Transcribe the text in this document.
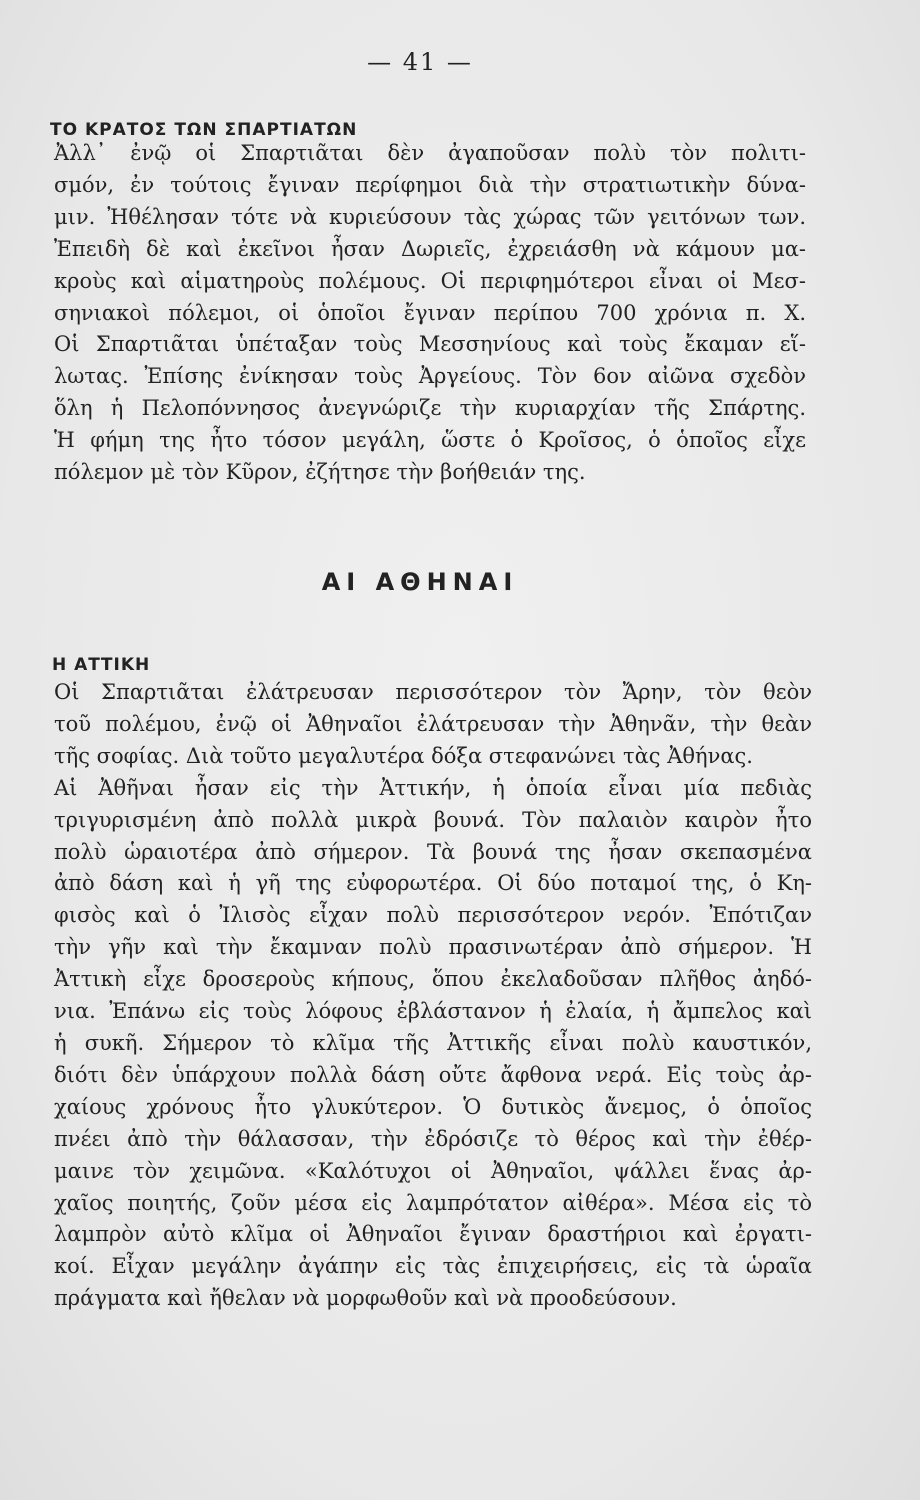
— 41 —
ΤΟ ΚΡΑΤΟΣ ΤΩΝ ΣΠΑΡΤΙΑΤΩΝ
Ἀλλ᾽ ἐνῷ οἱ Σπαρτιᾶται δὲν ἀγαποῦσαν πολὺ τὸν πολιτι-
σμόν, ἐν τούτοις ἔγιναν περίφημοι διὰ τὴν στρατιωτικὴν δύνα-
μιν. Ἠθέλησαν τότε νὰ κυριεύσουν τὰς χώρας τῶν γειτόνων των.
Ἐπειδὴ δὲ καὶ ἐκεῖνοι ἦσαν Δωριεῖς, ἐχρειάσθη νὰ κάμουν μα-
κροὺς καὶ αἱματηροὺς πολέμους. Οἱ περιφημότεροι εἶναι οἱ Μεσ-
σηνιακοὶ πόλεμοι, οἱ ὁποῖοι ἔγιναν περίπου 700 χρόνια π. Χ.
Οἱ Σπαρτιᾶται ὑπέταξαν τοὺς Μεσσηνίους καὶ τοὺς ἔκαμαν εἵ-
λωτας. Ἐπίσης ἐνίκησαν τοὺς Ἀργείους. Τὸν 6ον αἰῶνα σχεδὸν
ὅλη ἡ Πελοπόννησος ἀνεγνώριζε τὴν κυριαρχίαν τῆς Σπάρτης.
Ἡ φήμη της ἦτο τόσον μεγάλη, ὥστε ὁ Κροῖσος, ὁ ὁποῖος εἶχε
πόλεμον μὲ τὸν Κῦρον, ἐζήτησε τὴν βοήθειάν της.
ΑΙ ΑΘΗΝΑΙ
Η ΑΤΤΙΚΗ
Οἱ Σπαρτιᾶται ἐλάτρευσαν περισσότερον τὸν Ἄρην, τὸν θεὸν
τοῦ πολέμου, ἐνῷ οἱ Ἀθηναῖοι ἐλάτρευσαν τὴν Ἀθηνᾶν, τὴν θεὰν
τῆς σοφίας. Διὰ τοῦτο μεγαλυτέρα δόξα στεφανώνει τὰς Ἀθήνας.
Αἱ Ἀθῆναι ἦσαν εἰς τὴν Ἀττικήν, ἡ ὁποία εἶναι μία πεδιὰς
τριγυρισμένη ἀπὸ πολλὰ μικρὰ βουνά. Τὸν παλαιὸν καιρὸν ἦτο
πολὺ ὡραιοτέρα ἀπὸ σήμερον. Τὰ βουνά της ἦσαν σκεπασμένα
ἀπὸ δάση καὶ ἡ γῆ της εὐφορωτέρα. Οἱ δύο ποταμοί της, ὁ Κη-
φισὸς καὶ ὁ Ἰλισὸς εἶχαν πολὺ περισσότερον νερόν. Ἐπότιζαν
τὴν γῆν καὶ τὴν ἔκαμναν πολὺ πρασινωτέραν ἀπὸ σήμερον. Ἡ
Ἀττικὴ εἶχε δροσεροὺς κήπους, ὅπου ἐκελαδοῦσαν πλῆθος ἀηδό-
νια. Ἐπάνω εἰς τοὺς λόφους ἐβλάστανον ἡ ἐλαία, ἡ ἄμπελος καὶ
ἡ συκῆ. Σήμερον τὸ κλῖμα τῆς Ἀττικῆς εἶναι πολὺ καυστικόν,
διότι δὲν ὑπάρχουν πολλὰ δάση οὔτε ἄφθονα νερά. Εἰς τοὺς ἀρ-
χαίους χρόνους ἦτο γλυκύτερον. Ὁ δυτικὸς ἄνεμος, ὁ ὁποῖος
πνέει ἀπὸ τὴν θάλασσαν, τὴν ἐδρόσιζε τὸ θέρος καὶ τὴν ἐθέρ-
μαινε τὸν χειμῶνα. «Καλότυχοι οἱ Ἀθηναῖοι, ψάλλει ἕνας ἀρ-
χαῖος ποιητής, ζοῦν μέσα εἰς λαμπρότατον αἰθέρα». Μέσα εἰς τὸ
λαμπρὸν αὐτὸ κλῖμα οἱ Ἀθηναῖοι ἔγιναν δραστήριοι καὶ ἐργατι-
κοί. Εἶχαν μεγάλην ἀγάπην εἰς τὰς ἐπιχειρήσεις, εἰς τὰ ὡραῖα
πράγματα καὶ ἤθελαν νὰ μορφωθοῦν καὶ νὰ προοδεύσουν.
